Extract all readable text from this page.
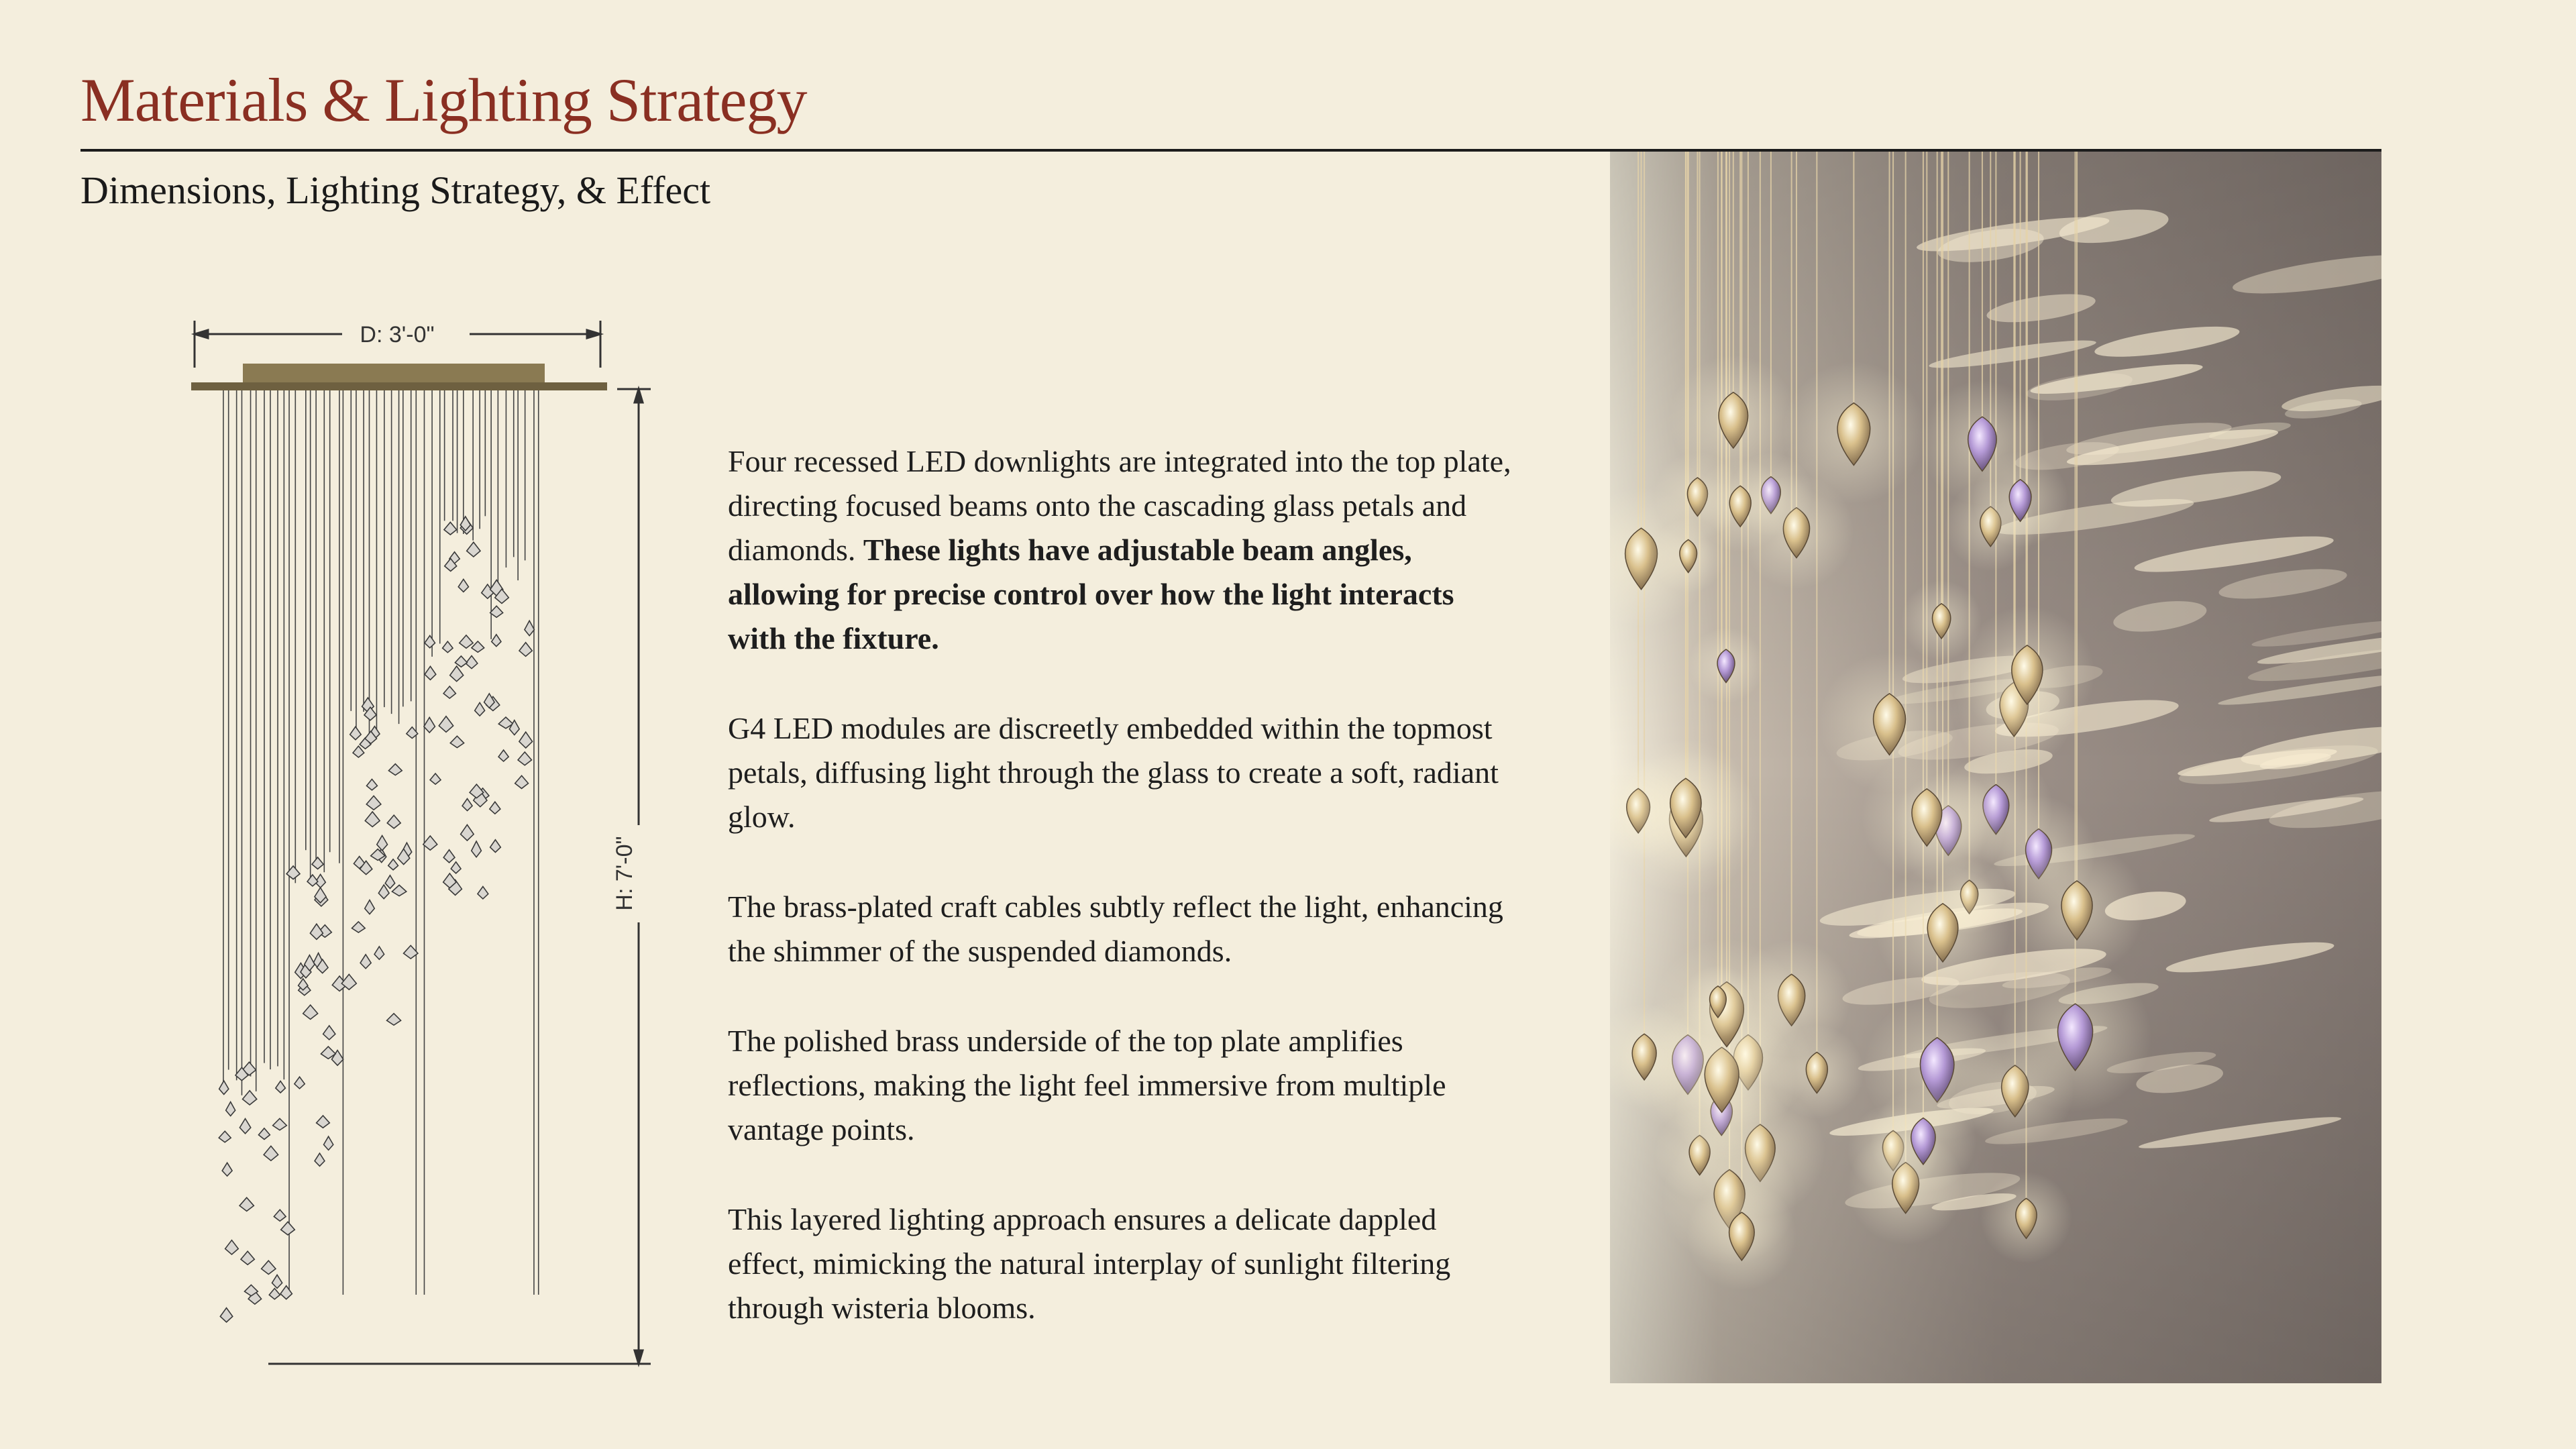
Materials & Lighting Strategy
Dimensions, Lighting Strategy, & Effect
D: 3'-0"
H: 7'-0"

Four recessed LED downlights are integrated into the top plate, directing focused beams onto the cascading glass petals and diamonds. These lights have adjustable beam angles, allowing for precise control over how the light interacts with the fixture.

G4 LED modules are discreetly embedded within the topmost petals, diffusing light through the glass to create a soft, radiant glow.

The brass-plated craft cables subtly reflect the light, enhancing the shimmer of the suspended diamonds.

The polished brass underside of the top plate amplifies reflections, making the light feel immersive from multiple vantage points.

This layered lighting approach ensures a delicate dappled effect, mimicking the natural interplay of sunlight filtering through wisteria blooms.
